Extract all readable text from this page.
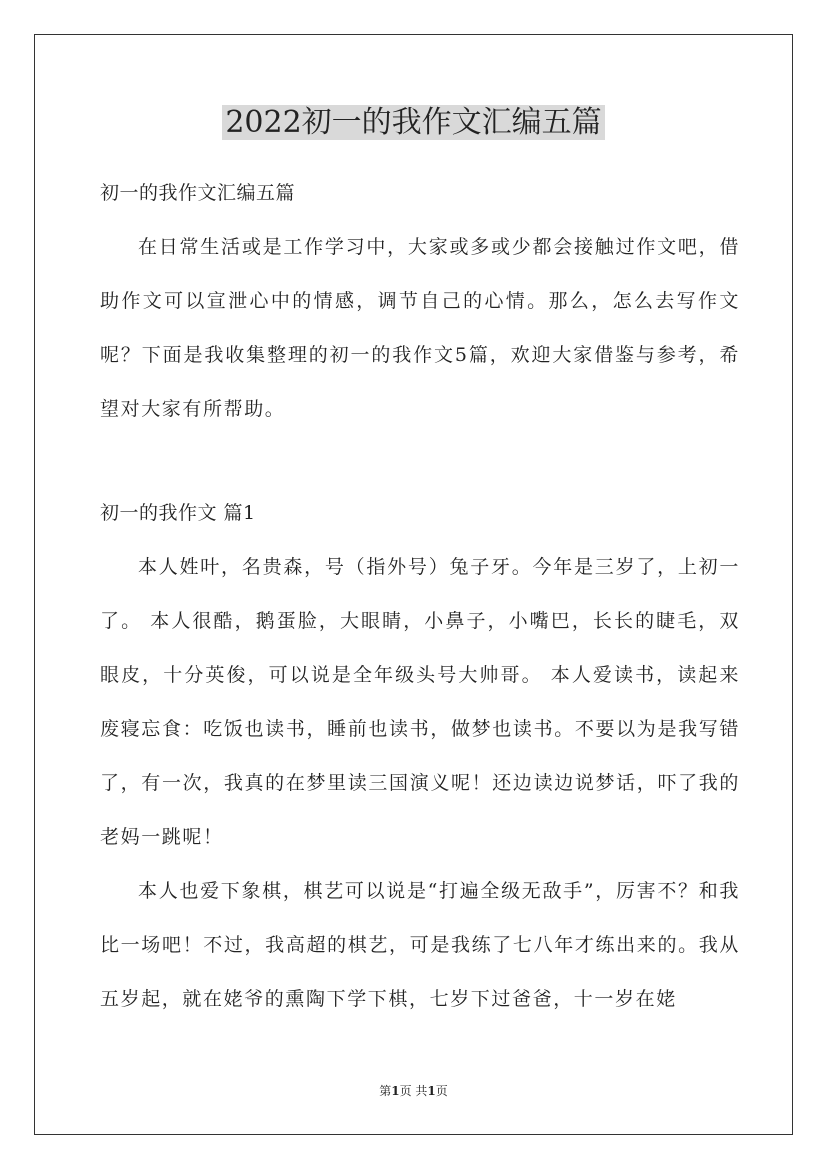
2022初一的我作文汇编五篇

初一的我作文汇编五篇

在日常生活或是工作学习中，大家或多或少都会接触过作文吧，借助作文可以宣泄心中的情感，调节自己的心情。那么，怎么去写作文呢？下面是我收集整理的初一的我作文5篇，欢迎大家借鉴与参考，希望对大家有所帮助。

初一的我作文 篇1

本人姓叶，名贵森，号（指外号）兔子牙。今年是三岁了，上初一了。 本人很酷，鹅蛋脸，大眼睛，小鼻子，小嘴巴，长长的睫毛，双眼皮，十分英俊，可以说是全年级头号大帅哥。 本人爱读书，读起来废寝忘食：吃饭也读书，睡前也读书，做梦也读书。不要以为是我写错了，有一次，我真的在梦里读三国演义呢！还边读边说梦话，吓了我的老妈一跳呢！

本人也爱下象棋，棋艺可以说是“打遍全级无敌手”，厉害不？和我比一场吧！不过，我高超的棋艺，可是我练了七八年才练出来的。我从五岁起，就在姥爷的熏陶下学下棋，七岁下过爸爸，十一岁在姥

第1页 共1页
